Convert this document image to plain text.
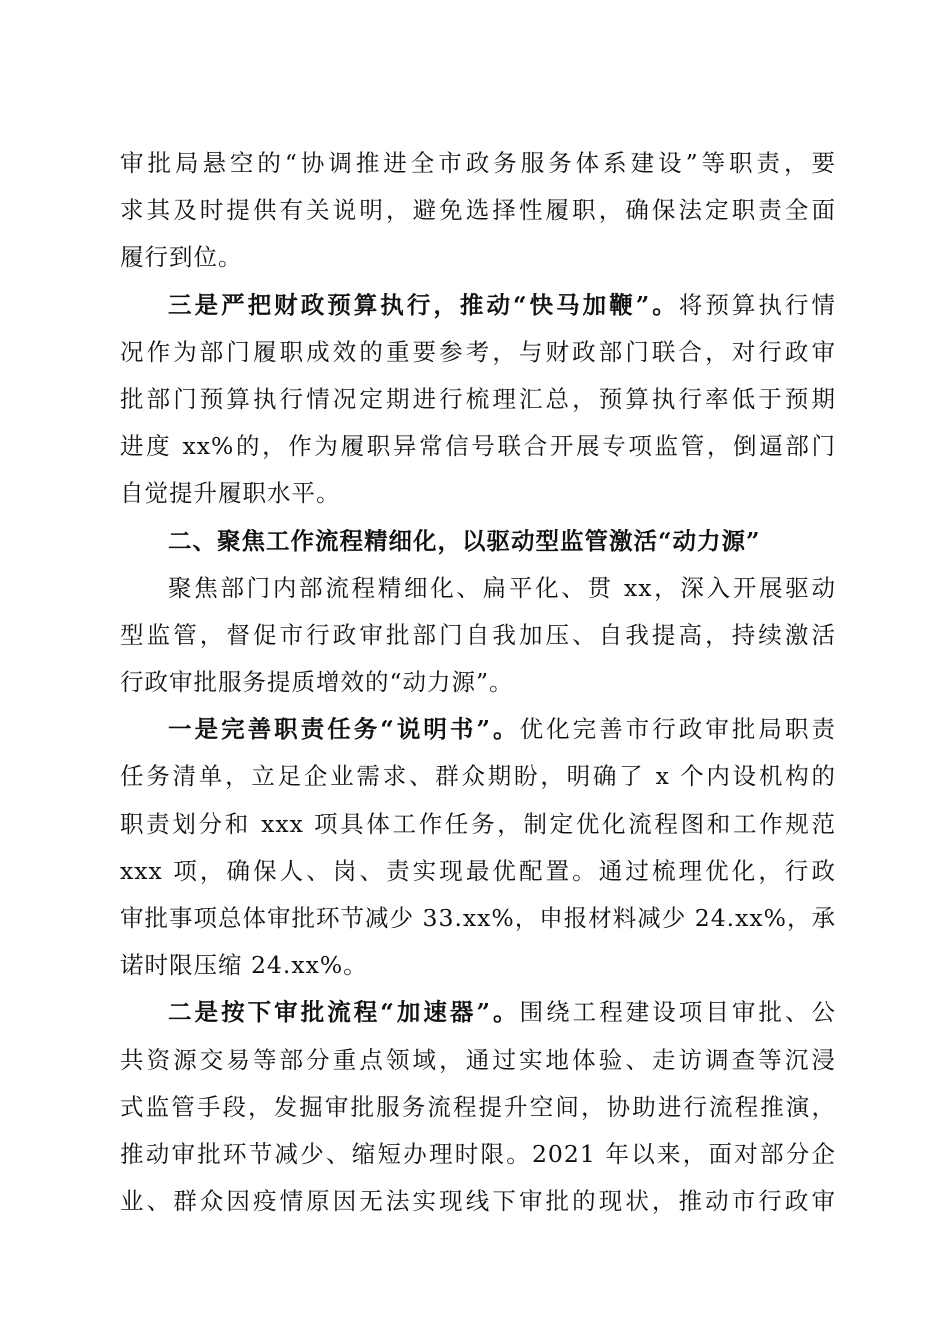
审批局悬空的“协调推进全市政务服务体系建设”等职责，要
求其及时提供有关说明，避免选择性履职，确保法定职责全面
履行到位。
三是严把财政预算执行，推动“快马加鞭”。将预算执行情
况作为部门履职成效的重要参考，与财政部门联合，对行政审
批部门预算执行情况定期进行梳理汇总，预算执行率低于预期
进度 xx%的，作为履职异常信号联合开展专项监管，倒逼部门
自觉提升履职水平。
二、聚焦工作流程精细化，以驱动型监管激活“动力源”
聚焦部门内部流程精细化、扁平化、贯 xx，深入开展驱动
型监管，督促市行政审批部门自我加压、自我提高，持续激活
行政审批服务提质增效的“动力源”。
一是完善职责任务“说明书”。优化完善市行政审批局职责
任务清单，立足企业需求、群众期盼，明确了 x 个内设机构的
职责划分和 xxx 项具体工作任务，制定优化流程图和工作规范
xxx 项，确保人、岗、责实现最优配置。通过梳理优化，行政
审批事项总体审批环节减少 33.xx%，申报材料减少 24.xx%，承
诺时限压缩 24.xx%。
二是按下审批流程“加速器”。围绕工程建设项目审批、公
共资源交易等部分重点领域，通过实地体验、走访调查等沉浸
式监管手段，发掘审批服务流程提升空间，协助进行流程推演，
推动审批环节减少、缩短办理时限。2021 年以来，面对部分企
业、群众因疫情原因无法实现线下审批的现状，推动市行政审
